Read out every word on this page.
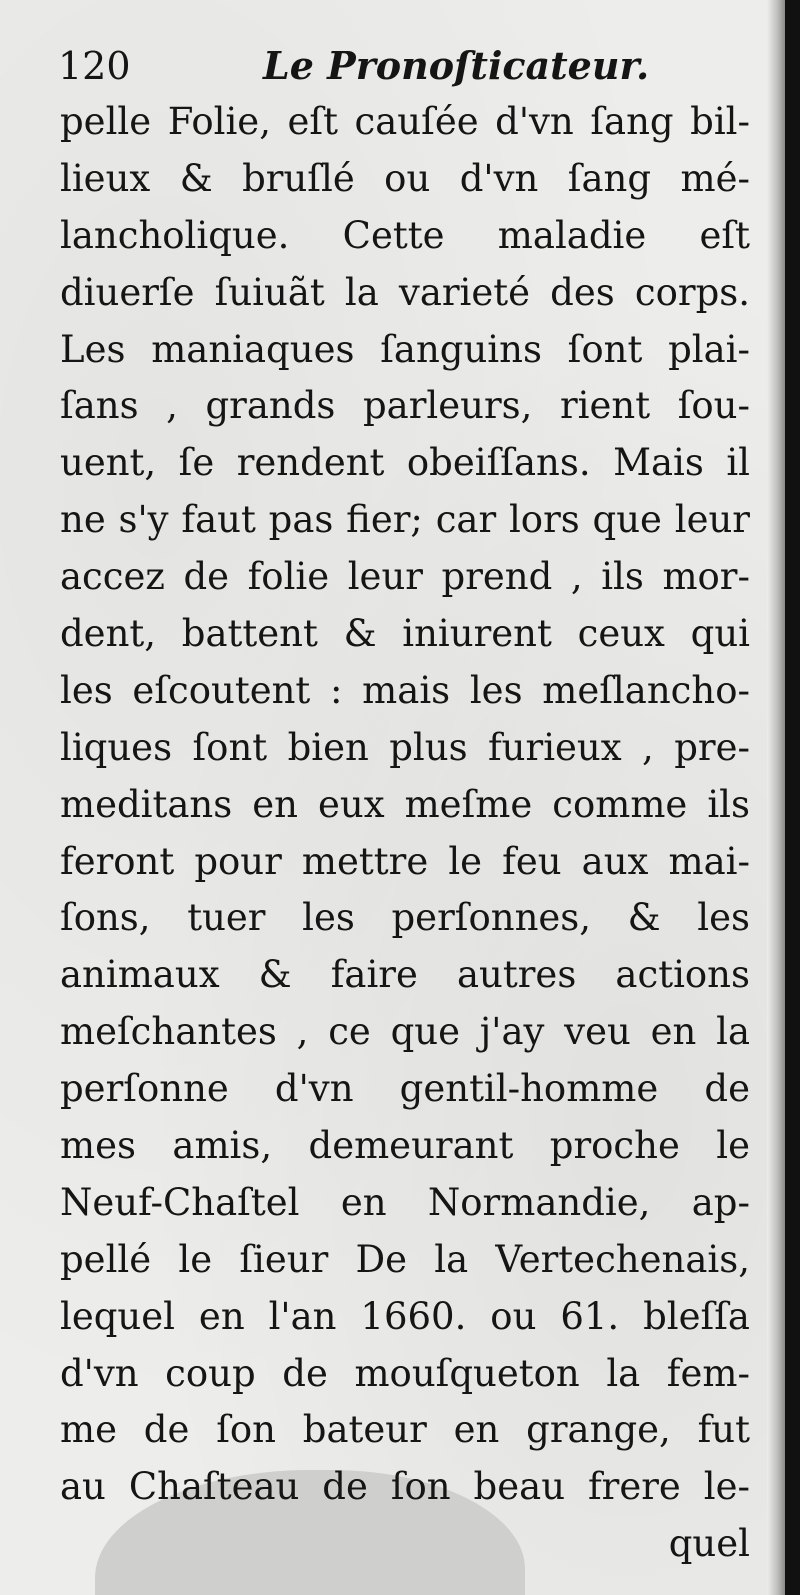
120	Le Pronoſticateur.
pelle Folie, eſt cauſée d'vn ſang bil-
lieux & bruſlé ou d'vn ſang mé-
lancholique. Cette maladie eſt
diuerſe ſuiuãt la varieté des corps.
Les maniaques ſanguins ſont plai-
ſans , grands parleurs, rient ſou-
uent, ſe rendent obeiſſans. Mais il
ne s'y faut pas fier; car lors que leur
accez de folie leur prend , ils mor-
dent, battent & iniurent ceux qui
les eſcoutent : mais les meſlancho-
liques ſont bien plus furieux , pre-
meditans en eux meſme comme ils
feront pour mettre le feu aux mai-
ſons, tuer les perſonnes, & les
animaux & faire autres actions
meſchantes , ce que j'ay veu en la
perſonne d'vn gentil-homme de
mes amis, demeurant proche le
Neuf-Chaſtel en Normandie, ap-
pellé le ſieur De la Vertechenais,
lequel en l'an 1660. ou 61. bleſſa
d'vn coup de mouſqueton la fem-
me de ſon bateur en grange, fut
au Chaſteau de ſon beau frere le-
quel
